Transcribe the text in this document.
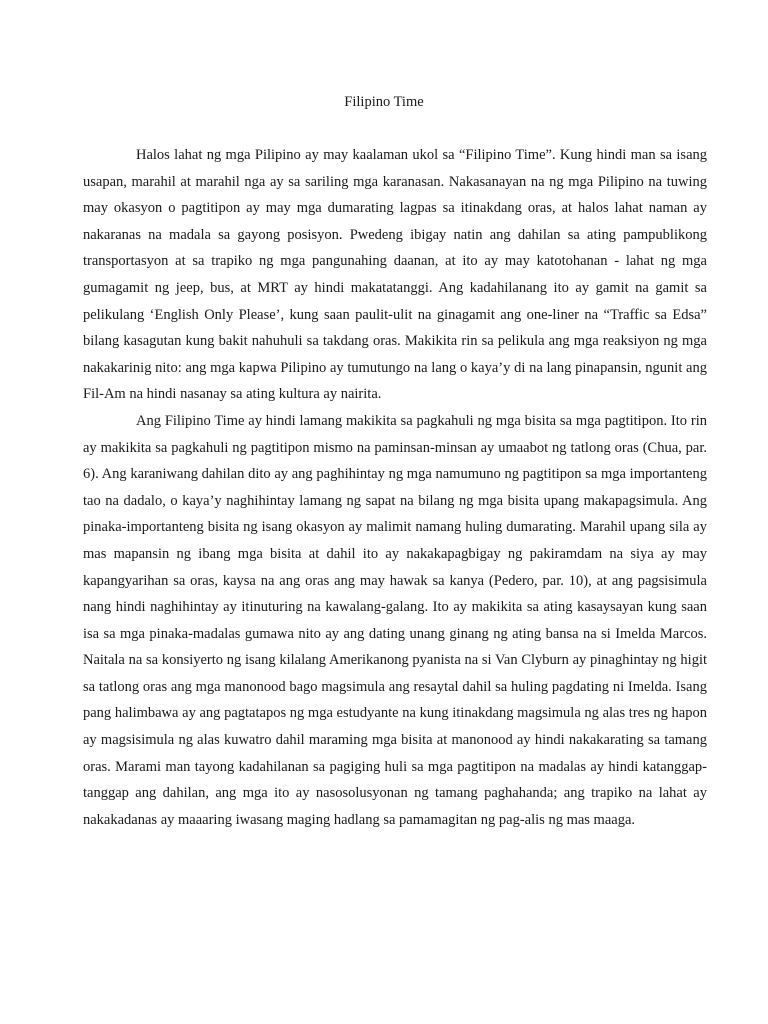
Filipino Time

Halos lahat ng mga Pilipino ay may kaalaman ukol sa “Filipino Time”. Kung hindi man sa isang usapan, marahil at marahil nga ay sa sariling mga karanasan. Nakasanayan na ng mga Pilipino na tuwing may okasyon o pagtitipon ay may mga dumarating lagpas sa itinakdang oras, at halos lahat naman ay nakaranas na madala sa gayong posisyon. Pwedeng ibigay natin ang dahilan sa ating pampublikong transportasyon at sa trapiko ng mga pangunahing daanan, at ito ay may katotohanan - lahat ng mga gumagamit ng jeep, bus, at MRT ay hindi makatatanggi. Ang kadahilanang ito ay gamit na gamit sa pelikulang ‘English Only Please’, kung saan paulit-ulit na ginagamit ang one-liner na “Traffic sa Edsa” bilang kasagutan kung bakit nahuhuli sa takdang oras. Makikita rin sa pelikula ang mga reaksiyon ng mga nakakarinig nito: ang mga kapwa Pilipino ay tumutungo na lang o kaya’y di na lang pinapansin, ngunit ang Fil-Am na hindi nasanay sa ating kultura ay nairita.

Ang Filipino Time ay hindi lamang makikita sa pagkahuli ng mga bisita sa mga pagtitipon. Ito rin ay makikita sa pagkahuli ng pagtitipon mismo na paminsan-minsan ay umaabot ng tatlong oras (Chua, par. 6). Ang karaniwang dahilan dito ay ang paghihintay ng mga namumuno ng pagtitipon sa mga importanteng tao na dadalo, o kaya’y naghihintay lamang ng sapat na bilang ng mga bisita upang makapagsimula. Ang pinaka-importanteng bisita ng isang okasyon ay malimit namang huling dumarating. Marahil upang sila ay mas mapansin ng ibang mga bisita at dahil ito ay nakakapagbigay ng pakiramdam na siya ay may kapangyarihan sa oras, kaysa na ang oras ang may hawak sa kanya (Pedero, par. 10), at ang pagsisimula nang hindi naghihintay ay itinuturing na kawalang-galang. Ito ay makikita sa ating kasaysayan kung saan isa sa mga pinaka-madalas gumawa nito ay ang dating unang ginang ng ating bansa na si Imelda Marcos. Naitala na sa konsiyerto ng isang kilalang Amerikanong pyanista na si Van Clyburn ay pinaghintay ng higit sa tatlong oras ang mga manonood bago magsimula ang resaytal dahil sa huling pagdating ni Imelda. Isang pang halimbawa ay ang pagtatapos ng mga estudyante na kung itinakdang magsimula ng alas tres ng hapon ay magsisimula ng alas kuwatro dahil maraming mga bisita at manonood ay hindi nakakarating sa tamang oras. Marami man tayong kadahilanan sa pagiging huli sa mga pagtitipon na madalas ay hindi katanggap-tanggap ang dahilan, ang mga ito ay nasosolusyonan ng tamang paghahanda; ang trapiko na lahat ay nakakadanas ay maaaring iwasang maging hadlang sa pamamagitan ng pag-alis ng mas maaga.
